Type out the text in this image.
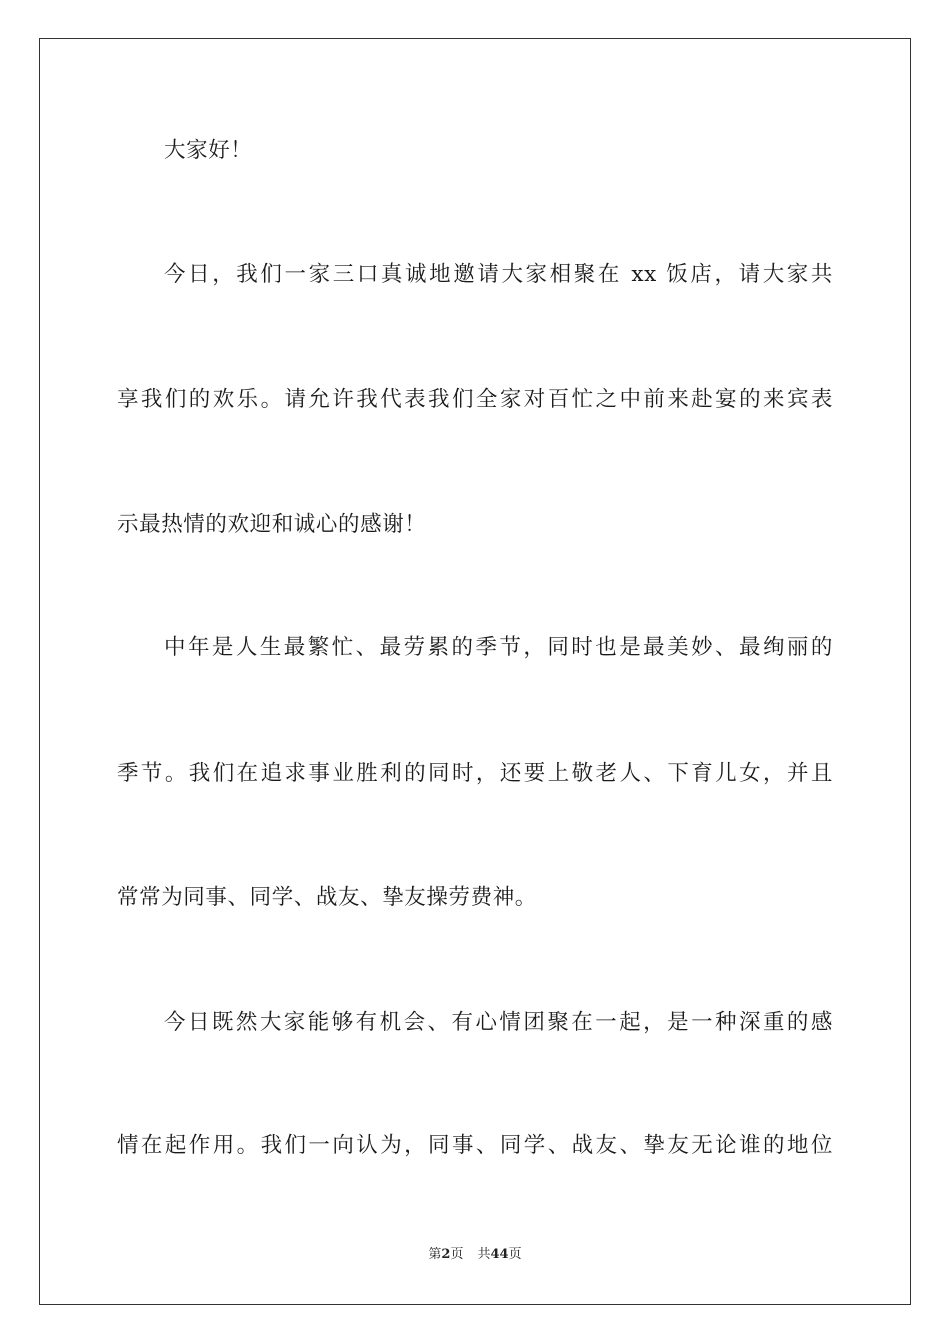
大家好！
今日，我们一家三口真诚地邀请大家相聚在 xx 饭店，请大家共
享我们的欢乐。请允许我代表我们全家对百忙之中前来赴宴的来宾表
示最热情的欢迎和诚心的感谢！
中年是人生最繁忙、最劳累的季节，同时也是最美妙、最绚丽的
季节。我们在追求事业胜利的同时，还要上敬老人、下育儿女，并且
常常为同事、同学、战友、挚友操劳费神。
今日既然大家能够有机会、有心情团聚在一起，是一种深重的感
情在起作用。我们一向认为，同事、同学、战友、挚友无论谁的地位
第2页 共44页
